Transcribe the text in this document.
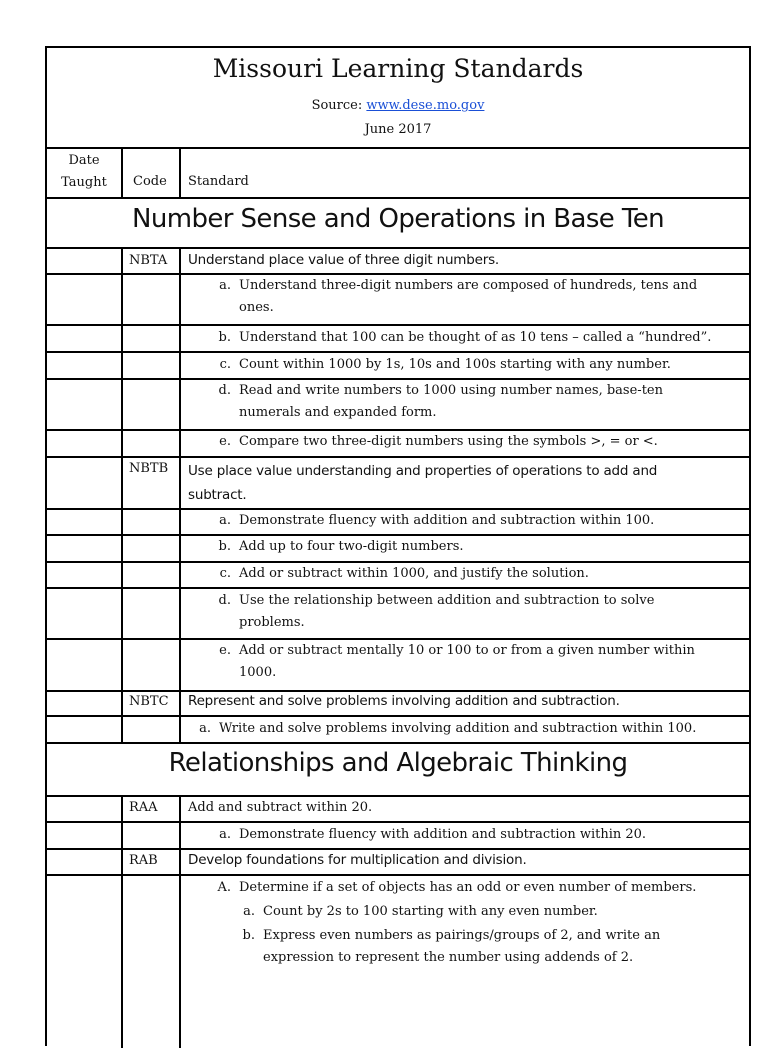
Missouri Learning Standards
Source: www.dese.mo.gov
June 2017
Date
Taught	Code	Standard
Number Sense and Operations in Base Ten
NBTA	Understand place value of three digit numbers.
a. Understand three-digit numbers are composed of hundreds, tens and
ones.
b. Understand that 100 can be thought of as 10 tens – called a “hundred”.
c. Count within 1000 by 1s, 10s and 100s starting with any number.
d. Read and write numbers to 1000 using number names, base-ten
numerals and expanded form.
e. Compare two three-digit numbers using the symbols >, = or <.
NBTB	Use place value understanding and properties of operations to add and
subtract.
a. Demonstrate fluency with addition and subtraction within 100.
b. Add up to four two-digit numbers.
c. Add or subtract within 1000, and justify the solution.
d. Use the relationship between addition and subtraction to solve
problems.
e. Add or subtract mentally 10 or 100 to or from a given number within
1000.
NBTC	Represent and solve problems involving addition and subtraction.
a. Write and solve problems involving addition and subtraction within 100.
Relationships and Algebraic Thinking
RAA	Add and subtract within 20.
a. Demonstrate fluency with addition and subtraction within 20.
RAB	Develop foundations for multiplication and division.
A. Determine if a set of objects has an odd or even number of members.
a. Count by 2s to 100 starting with any even number.
b. Express even numbers as pairings/groups of 2, and write an
expression to represent the number using addends of 2.
